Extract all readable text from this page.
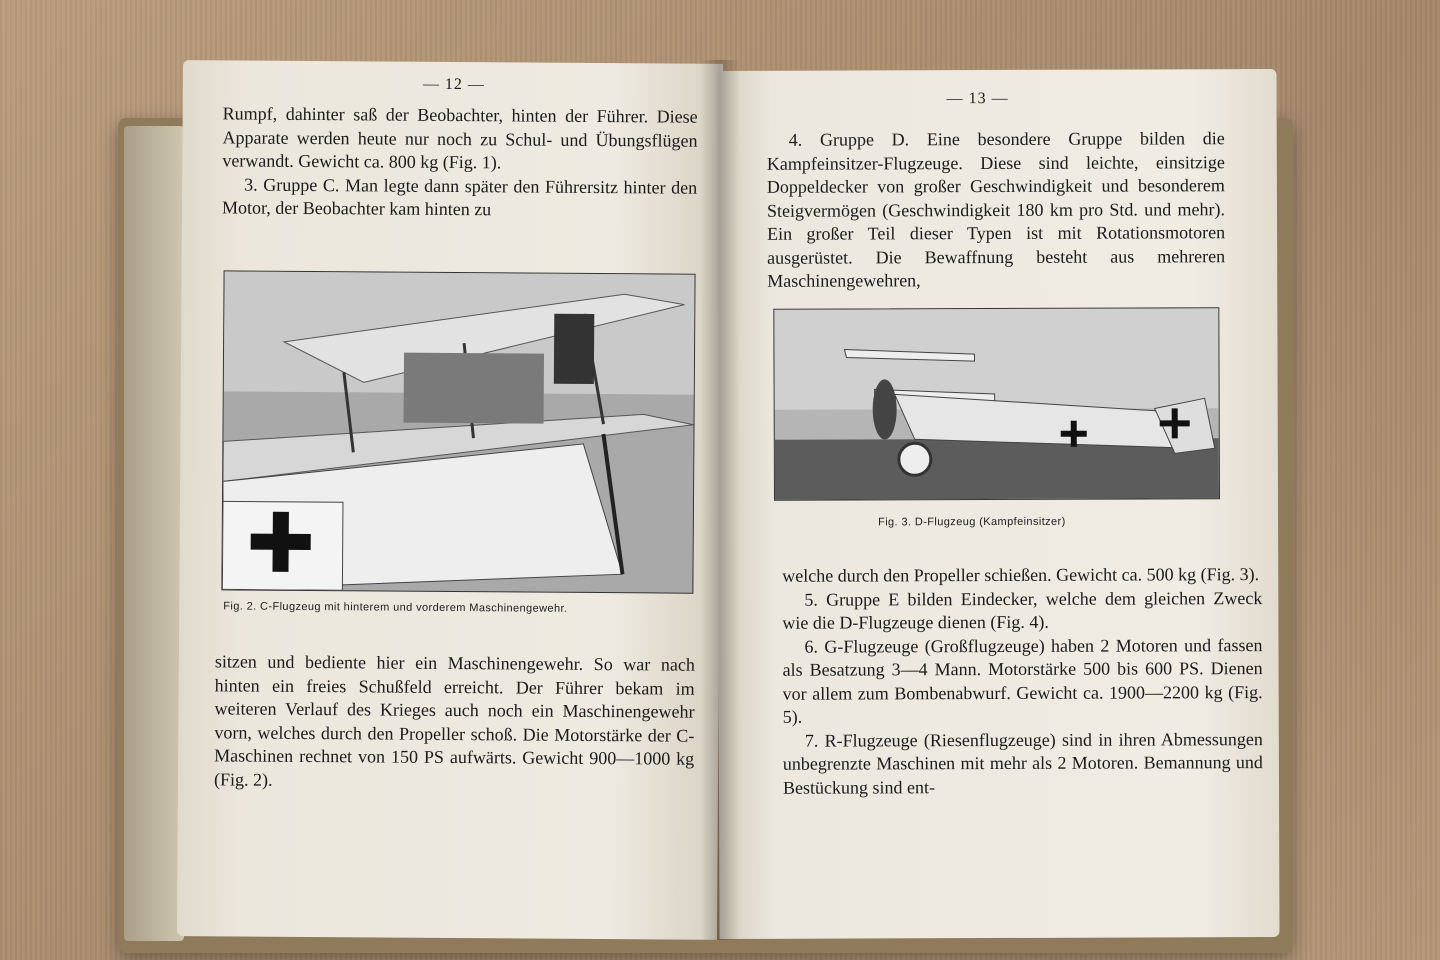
— 12 —

Rumpf, dahinter saß der Beobachter, hinten der Führer. Diese Apparate werden heute nur noch zu Schul- und Übungsflügen verwandt. Gewicht ca. 800 kg (Fig. 1).

3. Gruppe C. Man legte dann später den Führersitz hinter den Motor, der Beobachter kam hinten zu

Fig. 2. C-Flugzeug mit hinterem und vorderem Maschinengewehr.

sitzen und bediente hier ein Maschinengewehr. So war nach hinten ein freies Schußfeld erreicht. Der Führer bekam im weiteren Verlauf des Krieges auch noch ein Maschinengewehr vorn, welches durch den Propeller schoß. Die Motorstärke der C-Maschinen rechnet von 150 PS aufwärts. Gewicht 900—1000 kg (Fig. 2).

— 13 —

4. Gruppe D. Eine besondere Gruppe bilden die Kampfeinsitzer-Flugzeuge. Diese sind leichte, einsitzige Doppeldecker von großer Geschwindigkeit und besonderem Steigvermögen (Geschwindigkeit 180 km pro Std. und mehr). Ein großer Teil dieser Typen ist mit Rotationsmotoren ausgerüstet. Die Bewaffnung besteht aus mehreren Maschinengewehren,

Fig. 3. D-Flugzeug (Kampfeinsitzer)

welche durch den Propeller schießen. Gewicht ca. 500 kg (Fig. 3).

5. Gruppe E bilden Eindecker, welche dem gleichen Zweck wie die D-Flugzeuge dienen (Fig. 4).

6. G-Flugzeuge (Großflugzeuge) haben 2 Motoren und fassen als Besatzung 3—4 Mann. Motorstärke 500 bis 600 PS. Dienen vor allem zum Bombenabwurf. Gewicht ca. 1900—2200 kg (Fig. 5).

7. R-Flugzeuge (Riesenflugzeuge) sind in ihren Abmessungen unbegrenzte Maschinen mit mehr als 2 Motoren. Bemannung und Bestückung sind ent-
